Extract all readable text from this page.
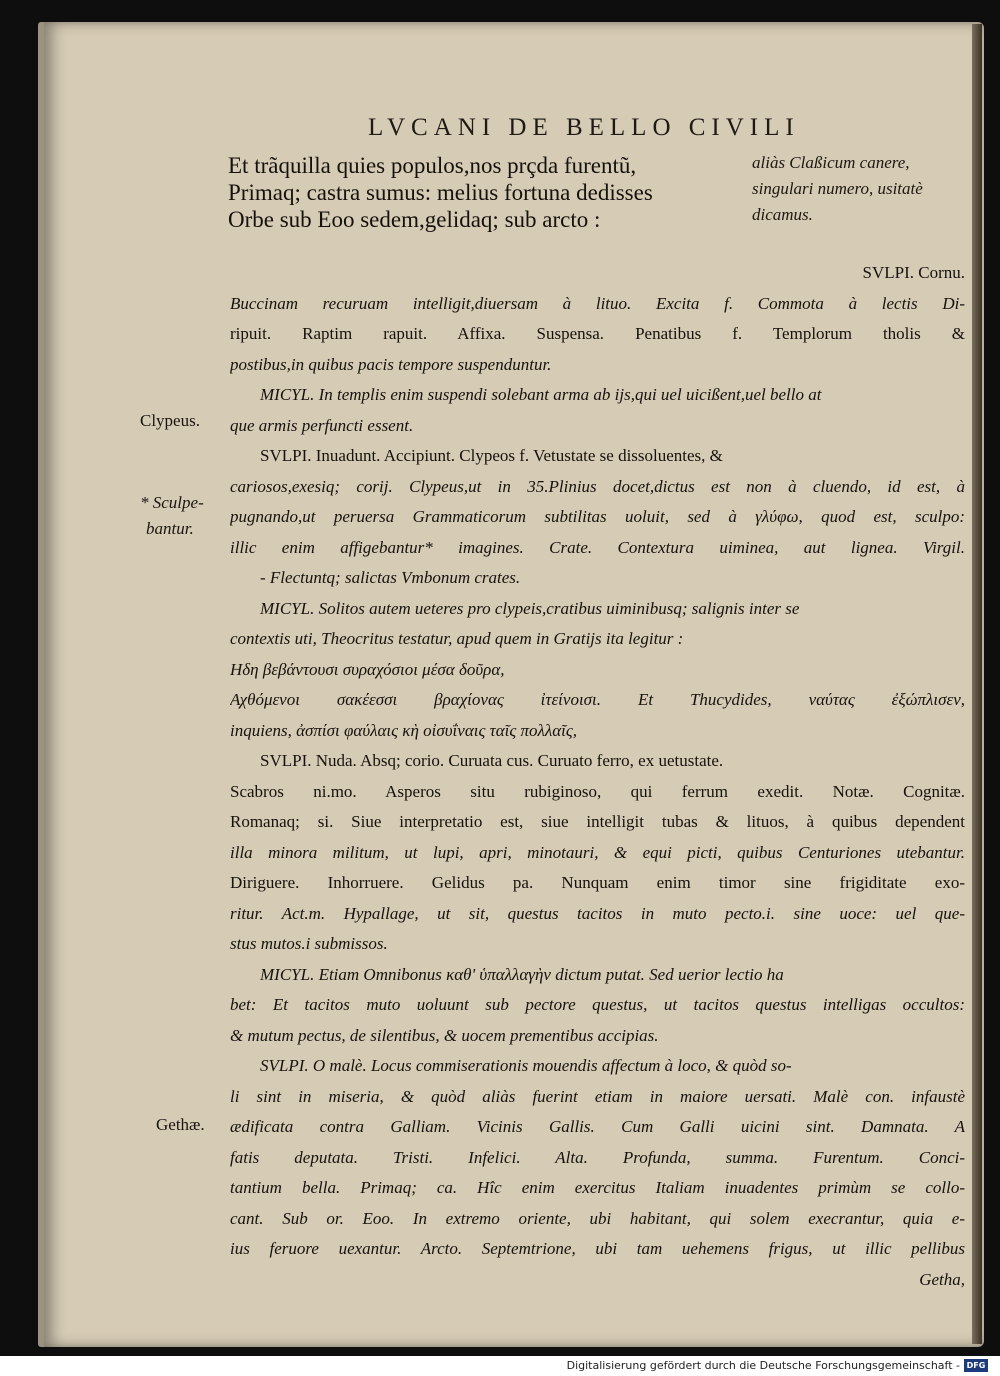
LVCANI DE BELLO CIVILI
Et trãquilla quies populos,nos prçda furentũ,
Primaq; castra sumus: melius fortuna dedisses
Orbe sub Eoo sedem,gelidaq; sub arcto :
aliàs Claßicum canere,
singulari numero, usitatè
dicamus.
SVLPI. Cornu.
Buccinam recuruam intelligit,diuersam à lituo. Excita f. Commota à lectis Di-
ripuit. Raptim rapuit. Affixa. Suspensa. Penatibus f. Templorum tholis &
postibus,in quibus pacis tempore suspenduntur.
MICYL. In templis enim suspendi solebant arma ab ijs,qui uel uicißent,uel bello at
que armis perfuncti essent.
SVLPI. Inuadunt. Accipiunt. Clypeos f. Vetustate se dissoluentes, &
cariosos,exesiq; corij. Clypeus,ut in 35.Plinius docet,dictus est non à cluendo, id est, à
pugnando,ut peruersa Grammaticorum subtilitas uoluit, sed à γλύφω, quod est, sculpo:
illic enim affigebantur* imagines. Crate. Contextura uiminea, aut lignea. Virgil.
- Flectuntq; salictas Vmbonum crates.
MICYL. Solitos autem ueteres pro clypeis,cratibus uiminibusq; salignis inter se
contextis uti, Theocritus testatur, apud quem in Gratijs ita legitur :
Ηδη βεβάντουσι συραχόσιοι μέσα δοῦρα,
Αχθόμενοι σακέεσσι βραχίονας ἰτείνοισι. Et Thucydides, ναύτας ἐξώπλισεν,
inquiens, ἀσπίσι φαύλαις κὴ οἰσυΐναις ταῖς πολλαῖς,
SVLPI. Nuda. Absq; corio. Curuata cus. Curuato ferro, ex uetustate.
Scabros ni.mo. Asperos situ rubiginoso, qui ferrum exedit. Notæ. Cognitæ.
Romanaq; si. Siue interpretatio est, siue intelligit tubas & lituos, à quibus dependent
illa minora militum, ut lupi, apri, minotauri, & equi picti, quibus Centuriones utebantur.
Diriguere. Inhorruere. Gelidus pa. Nunquam enim timor sine frigiditate exo-
ritur. Act.m. Hypallage, ut sit, questus tacitos in muto pecto.i. sine uoce: uel que-
stus mutos.i submissos.
MICYL. Etiam Omnibonus καθ' ὑπαλλαγὴν dictum putat. Sed uerior lectio ha
bet: Et tacitos muto uoluunt sub pectore questus, ut tacitos questus intelligas occultos:
& mutum pectus, de silentibus, & uocem prementibus accipias.
SVLPI. O malè. Locus commiserationis mouendis affectum à loco, & quòd so-
li sint in miseria, & quòd aliàs fuerint etiam in maiore uersati. Malè con. infaustè
ædificata contra Galliam. Vicinis Gallis. Cum Galli uicini sint. Damnata. A
fatis deputata. Tristi. Infelici. Alta. Profunda, summa. Furentum. Conci-
tantium bella. Primaq; ca. Hîc enim exercitus Italiam inuadentes primùm se collo-
cant. Sub or. Eoo. In extremo oriente, ubi habitant, qui solem execrantur, quia e-
ius feruore uexantur. Arcto. Septemtrione, ubi tam uehemens frigus, ut illic pellibus
Getha,
Clypeus.
* Sculpe-
bantur.
Gethæ.
Digitalisierung gefördert durch die Deutsche Forschungsgemeinschaft - DFG
